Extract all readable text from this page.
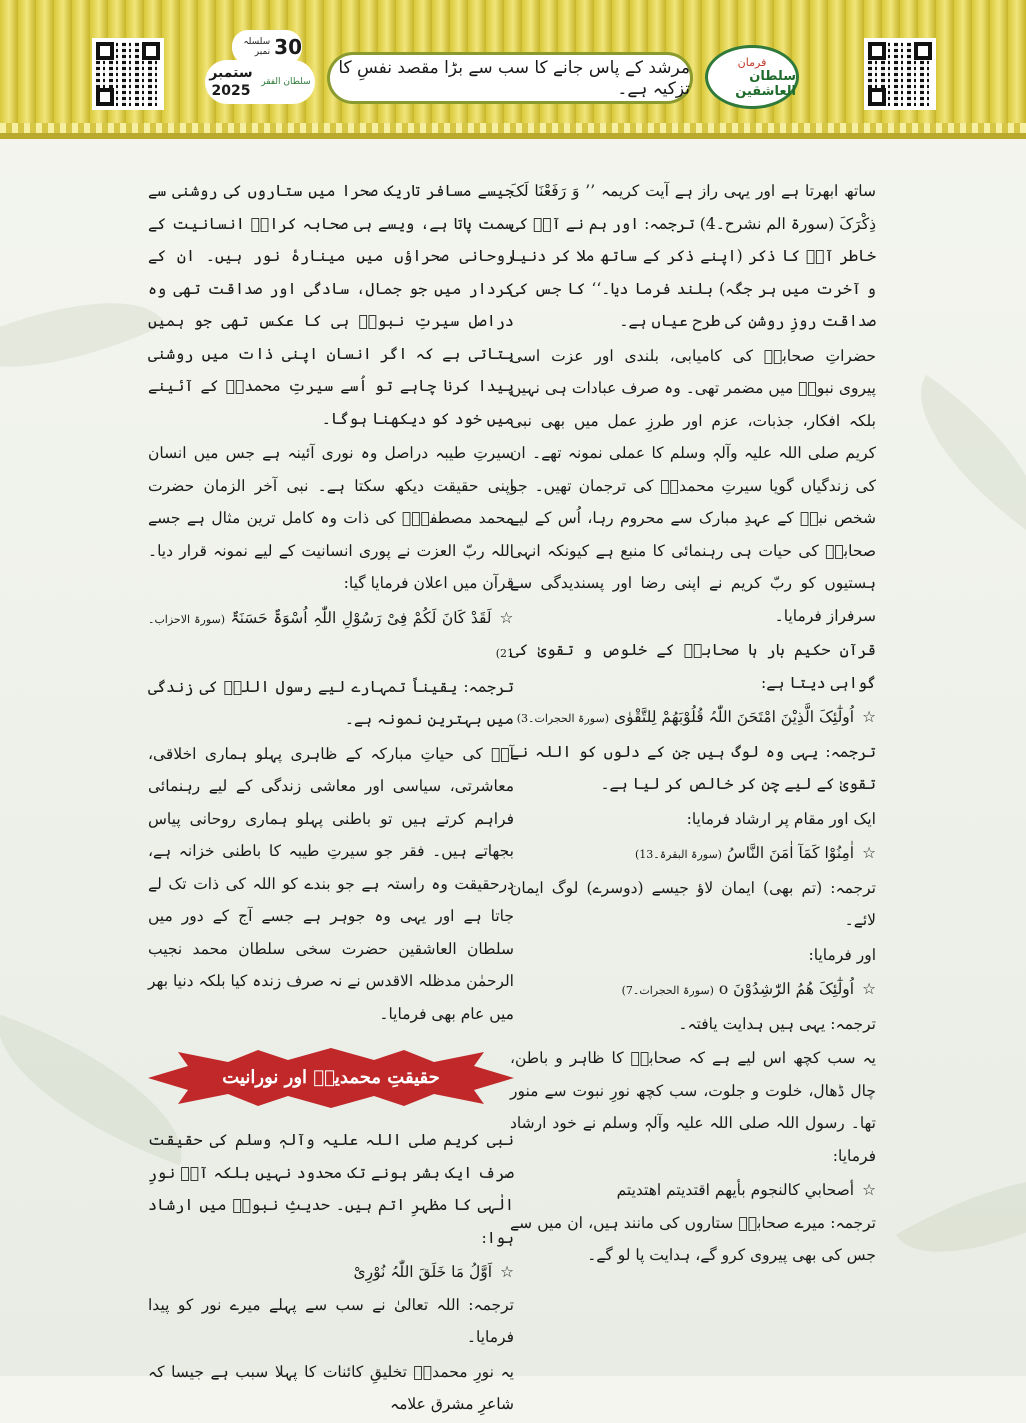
سلسلہ نمبر 30
ستمبر
2025
سلطان الفقر
مرشد کے پاس جانے کا سب سے بڑا مقصد نفسِ کا تزکیہ ہے۔
فرمان
سلطان العاشقین

ساتھ ابھرتا ہے اور یہی راز ہے آیت کریمہ ’’ وَ رَفَعْنَا لَکَ ذِکْرَکَ (سورۃ الم نشرح۔4) ترجمہ: اور ہم نے آپؐ کی خاطر آپؐ کا ذکر (اپنے ذکر کے ساتھ ملا کر دنیا و آخرت میں ہر جگہ) بلند فرما دیا۔‘‘ کا جس کی صداقت روزِ روشن کی طرح عیاں ہے۔

حضراتِ صحابہؓ کی کامیابی، بلندی اور عزت اسی پیروی نبویؐ میں مضمر تھی۔ وہ صرف عبادات ہی نہیں بلکہ افکار، جذبات، عزم اور طرزِ عمل میں بھی نبی کریم صلی اللہ علیہ وآلہٖ وسلم کا عملی نمونہ تھے۔ ان کی زندگیاں گویا سیرتِ محمدیؐ کی ترجمان تھیں۔ جو شخص نبیؐ کے عہدِ مبارک سے محروم رہا، اُس کے لیے صحابہؓ کی حیات ہی رہنمائی کا منبع ہے کیونکہ انہی ہستیوں کو ربّ کریم نے اپنی رضا اور پسندیدگی سے سرفراز فرمایا۔

قرآنِ حکیم بار ہا صحابہؓ کے خلوص و تقویٰ کی گواہی دیتا ہے:

☆اُولٰٓئِکَ الَّذِیْنَ امْتَحَنَ اللّٰہُ قُلُوْبَھُمْ لِلتَّقْوٰی (سورۃ الحجرات۔3)

ترجمہ: یہی وہ لوگ ہیں جن کے دلوں کو اللہ نے تقویٰ کے لیے چن کر خالص کر لیا ہے۔

ایک اور مقام پر ارشاد فرمایا:

☆اٰمِنُوْا کَمَآ اٰمَنَ النَّاسُ (سورۃ البقرۃ۔13)

ترجمہ: (تم بھی) ایمان لاؤ جیسے (دوسرے) لوگ ایمان لائے۔

اور فرمایا:

☆اُولٰٓئِکَ ھُمُ الرّٰشِدُوْنَ o (سورۃ الحجرات۔7)

ترجمہ: یہی ہیں ہدایت یافتہ۔

یہ سب کچھ اس لیے ہے کہ صحابہؓ کا ظاہر و باطن، چال ڈھال، خلوت و جلوت، سب کچھ نورِ نبوت سے منور تھا۔ رسول اللہ صلی اللہ علیہ وآلہٖ وسلم نے خود ارشاد فرمایا:

☆أصحابي كالنجوم بأيهم اقتديتم اهتديتم

ترجمہ: میرے صحابہؓ ستاروں کی مانند ہیں، ان میں سے جس کی بھی پیروی کرو گے، ہدایت پا لو گے۔

جیسے مسافر تاریک صحرا میں ستاروں کی روشنی سے سمت پاتا ہے، ویسے ہی صحابہ کرامؓ انسانیت کے روحانی صحراؤں میں مینارۂ نور ہیں۔ ان کے کردار میں جو جمال، سادگی اور صداقت تھی وہ دراصل سیرتِ نبویؐ ہی کا عکس تھی جو ہمیں بتاتی ہے کہ اگر انسان اپنی ذات میں روشنی پیدا کرنا چاہے تو اُسے سیرتِ محمدیؐ کے آئینے میں خود کو دیکھنا ہوگا۔

سیرتِ طیبہ دراصل وہ نوری آئینہ ہے جس میں انسان اپنی حقیقت دیکھ سکتا ہے۔ نبی آخر الزمان حضرت محمد مصطفیٰؐ کی ذات وہ کامل ترین مثال ہے جسے اللہ ربّ العزت نے پوری انسانیت کے لیے نمونہ قرار دیا۔ قرآن میں اعلان فرمایا گیا:

☆لَقَدْ کَانَ لَکُمْ فِیْ رَسُوْلِ اللّٰہِ اُسْوَۃٌ حَسَنَۃٌ (سورۃ الاحزاب۔21)

ترجمہ: یقیناً تمہارے لیے رسول اللہؐ کی زندگی میں بہترین نمونہ ہے۔

آپؐ کی حیاتِ مبارکہ کے ظاہری پہلو ہماری اخلاقی، معاشرتی، سیاسی اور معاشی زندگی کے لیے رہنمائی فراہم کرتے ہیں تو باطنی پہلو ہماری روحانی پیاس بجھاتے ہیں۔ فقر جو سیرتِ طیبہ کا باطنی خزانہ ہے، درحقیقت وہ راستہ ہے جو بندے کو اللہ کی ذات تک لے جاتا ہے اور یہی وہ جوہر ہے جسے آج کے دور میں سلطان العاشقین حضرت سخی سلطان محمد نجیب الرحمٰن مدظلہ الاقدس نے نہ صرف زندہ کیا بلکہ دنیا بھر میں عام بھی فرمایا۔

حقیقتِ محمدیہؐ اور نورانیت

نبی کریم صلی اللہ علیہ وآلہٖ وسلم کی حقیقت صرف ایک بشر ہونے تک محدود نہیں بلکہ آپؐ نورِ الٰہی کا مظہرِ اتم ہیں۔ حدیثِ نبویؐ میں ارشاد ہوا:

☆اَوَّلُ مَا خَلَقَ اللّٰہُ نُوْرِیْ

ترجمہ: اللہ تعالیٰ نے سب سے پہلے میرے نور کو پیدا فرمایا۔

یہ نورِ محمدیؐ تخلیقِ کائنات کا پہلا سبب ہے جیسا کہ شاعرِ مشرق علامہ
